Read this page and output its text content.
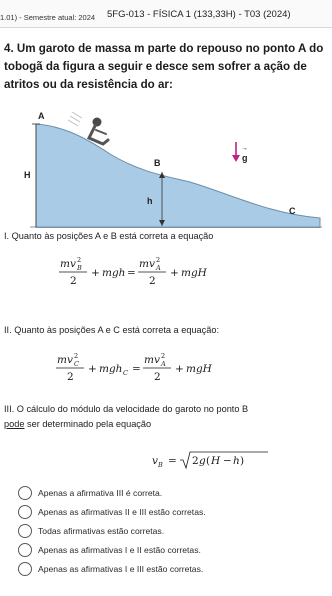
1.01) - Semestre atual: 2024 5FG-013 - FÍSICA 1 (133,33H) - T03 (2024)
4. Um garoto de massa m parte do repouso no ponto A do tobogã da figura a seguir e desce sem sofrer a ação de atritos ou da resistência do ar:
A
H
B
h
C
g
→
I. Quanto às posições A e B está correta a equação
mv B
2
2
+ mgh =
mv A
2
2
+ mgH
II. Quanto às posições A e C está correta a equação:
mv C
2
2
+ mgh C =
mv A
2
2
+ mgH
III. O cálculo do módulo da velocidade do garoto no ponto B
pode ser determinado pela equação
v B = 2 g ( H − h )
Apenas a afirmativa III é correta.
Apenas as afirmativas II e III estão corretas.
Todas afirmativas estão corretas.
Apenas as afirmativas I e II estão corretas.
Apenas as afirmativas I e III estão corretas.
